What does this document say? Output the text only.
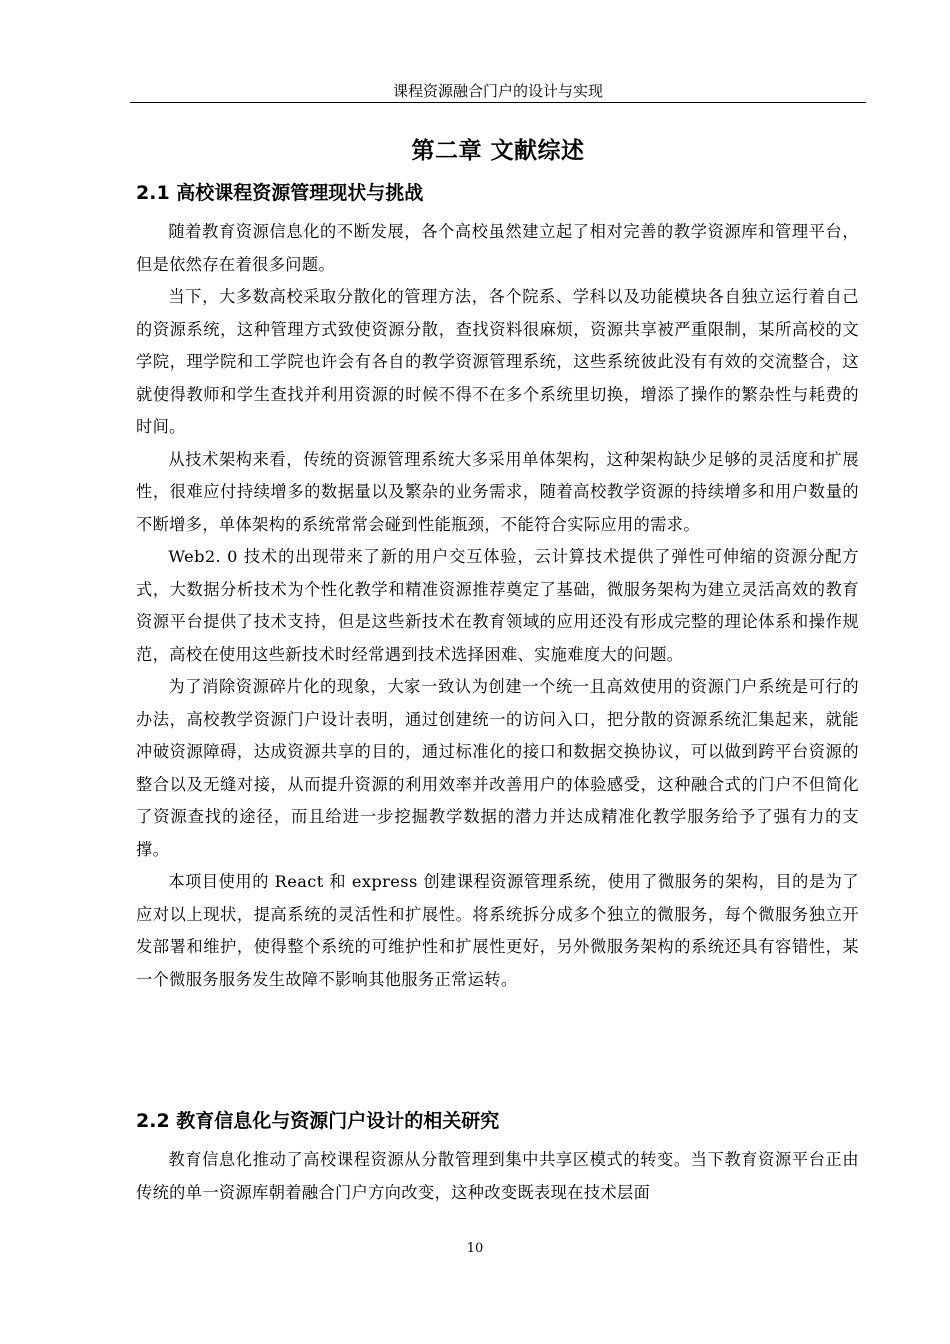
课程资源融合门户的设计与实现
第二章 文献综述
2.1 高校课程资源管理现状与挑战

随着教育资源信息化的不断发展，各个高校虽然建立起了相对完善的教学资源库和管理平台，但是依然存在着很多问题。

当下，大多数高校采取分散化的管理方法，各个院系、学科以及功能模块各自独立运行着自己的资源系统，这种管理方式致使资源分散，查找资料很麻烦，资源共享被严重限制，某所高校的文学院，理学院和工学院也许会有各自的教学资源管理系统，这些系统彼此没有有效的交流整合，这就使得教师和学生查找并利用资源的时候不得不在多个系统里切换，增添了操作的繁杂性与耗费的时间。

从技术架构来看，传统的资源管理系统大多采用单体架构，这种架构缺少足够的灵活度和扩展性，很难应付持续增多的数据量以及繁杂的业务需求，随着高校教学资源的持续增多和用户数量的不断增多，单体架构的系统常常会碰到性能瓶颈，不能符合实际应用的需求。

Web2. 0 技术的出现带来了新的用户交互体验，云计算技术提供了弹性可伸缩的资源分配方式，大数据分析技术为个性化教学和精准资源推荐奠定了基础，微服务架构为建立灵活高效的教育资源平台提供了技术支持，但是这些新技术在教育领域的应用还没有形成完整的理论体系和操作规范，高校在使用这些新技术时经常遇到技术选择困难、实施难度大的问题。

为了消除资源碎片化的现象，大家一致认为创建一个统一且高效使用的资源门户系统是可行的办法，高校教学资源门户设计表明，通过创建统一的访问入口，把分散的资源系统汇集起来，就能冲破资源障碍，达成资源共享的目的，通过标准化的接口和数据交换协议，可以做到跨平台资源的整合以及无缝对接，从而提升资源的利用效率并改善用户的体验感受，这种融合式的门户不但简化了资源查找的途径，而且给进一步挖掘教学数据的潜力并达成精准化教学服务给予了强有力的支撑。

本项目使用的 React 和 express 创建课程资源管理系统，使用了微服务的架构，目的是为了应对以上现状，提高系统的灵活性和扩展性。将系统拆分成多个独立的微服务，每个微服务独立开发部署和维护，使得整个系统的可维护性和扩展性更好，另外微服务架构的系统还具有容错性，某一个微服务服务发生故障不影响其他服务正常运转。

2.2 教育信息化与资源门户设计的相关研究

教育信息化推动了高校课程资源从分散管理到集中共享区模式的转变。当下教育资源平台正由传统的单一资源库朝着融合门户方向改变，这种改变既表现在技术层面

10
